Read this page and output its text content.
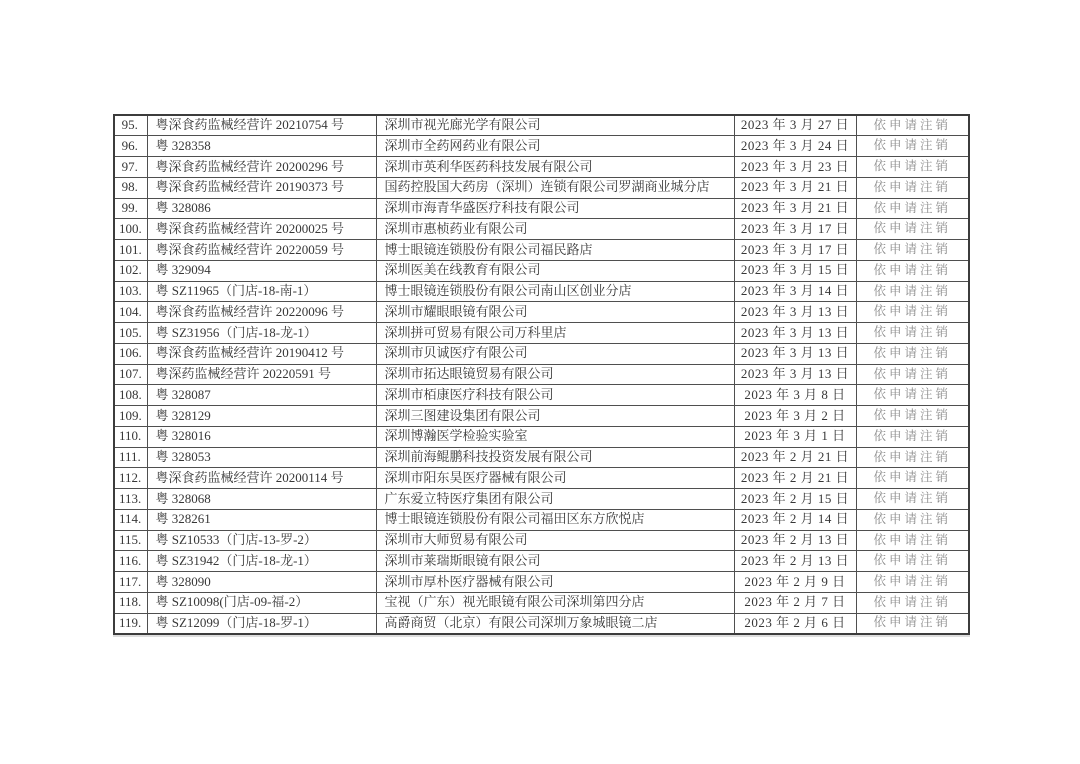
95.	粤深食药监械经营许 20210754 号	深圳市视光廊光学有限公司	2023 年 3 月 27 日	依申请注销
96.	粤 328358	深圳市全药网药业有限公司	2023 年 3 月 24 日	依申请注销
97.	粤深食药监械经营许 20200296 号	深圳市英利华医药科技发展有限公司	2023 年 3 月 23 日	依申请注销
98.	粤深食药监械经营许 20190373 号	国药控股国大药房（深圳）连锁有限公司罗湖商业城分店	2023 年 3 月 21 日	依申请注销
99.	粤 328086	深圳市海青华盛医疗科技有限公司	2023 年 3 月 21 日	依申请注销
100.	粤深食药监械经营许 20200025 号	深圳市惠桢药业有限公司	2023 年 3 月 17 日	依申请注销
101.	粤深食药监械经营许 20220059 号	博士眼镜连锁股份有限公司福民路店	2023 年 3 月 17 日	依申请注销
102.	粤 329094	深圳医美在线教育有限公司	2023 年 3 月 15 日	依申请注销
103.	粤 SZ11965（门店-18-南-1）	博士眼镜连锁股份有限公司南山区创业分店	2023 年 3 月 14 日	依申请注销
104.	粤深食药监械经营许 20220096 号	深圳市耀眼眼镜有限公司	2023 年 3 月 13 日	依申请注销
105.	粤 SZ31956（门店-18-龙-1）	深圳拼可贸易有限公司万科里店	2023 年 3 月 13 日	依申请注销
106.	粤深食药监械经营许 20190412 号	深圳市贝诚医疗有限公司	2023 年 3 月 13 日	依申请注销
107.	粤深药监械经营许 20220591 号	深圳市拓达眼镜贸易有限公司	2023 年 3 月 13 日	依申请注销
108.	粤 328087	深圳市栢康医疗科技有限公司	2023 年 3 月 8 日	依申请注销
109.	粤 328129	深圳三图建设集团有限公司	2023 年 3 月 2 日	依申请注销
110.	粤 328016	深圳博瀚医学检验实验室	2023 年 3 月 1 日	依申请注销
111.	粤 328053	深圳前海鲲鹏科技投资发展有限公司	2023 年 2 月 21 日	依申请注销
112.	粤深食药监械经营许 20200114 号	深圳市阳东昊医疗器械有限公司	2023 年 2 月 21 日	依申请注销
113.	粤 328068	广东爱立特医疗集团有限公司	2023 年 2 月 15 日	依申请注销
114.	粤 328261	博士眼镜连锁股份有限公司福田区东方欣悦店	2023 年 2 月 14 日	依申请注销
115.	粤 SZ10533（门店-13-罗-2）	深圳市大师贸易有限公司	2023 年 2 月 13 日	依申请注销
116.	粤 SZ31942（门店-18-龙-1）	深圳市莱瑞斯眼镜有限公司	2023 年 2 月 13 日	依申请注销
117.	粤 328090	深圳市厚朴医疗器械有限公司	2023 年 2 月 9 日	依申请注销
118.	粤 SZ10098(门店-09-福-2）	宝视（广东）视光眼镜有限公司深圳第四分店	2023 年 2 月 7 日	依申请注销
119.	粤 SZ12099（门店-18-罗-1）	高爵商贸（北京）有限公司深圳万象城眼镜二店	2023 年 2 月 6 日	依申请注销
